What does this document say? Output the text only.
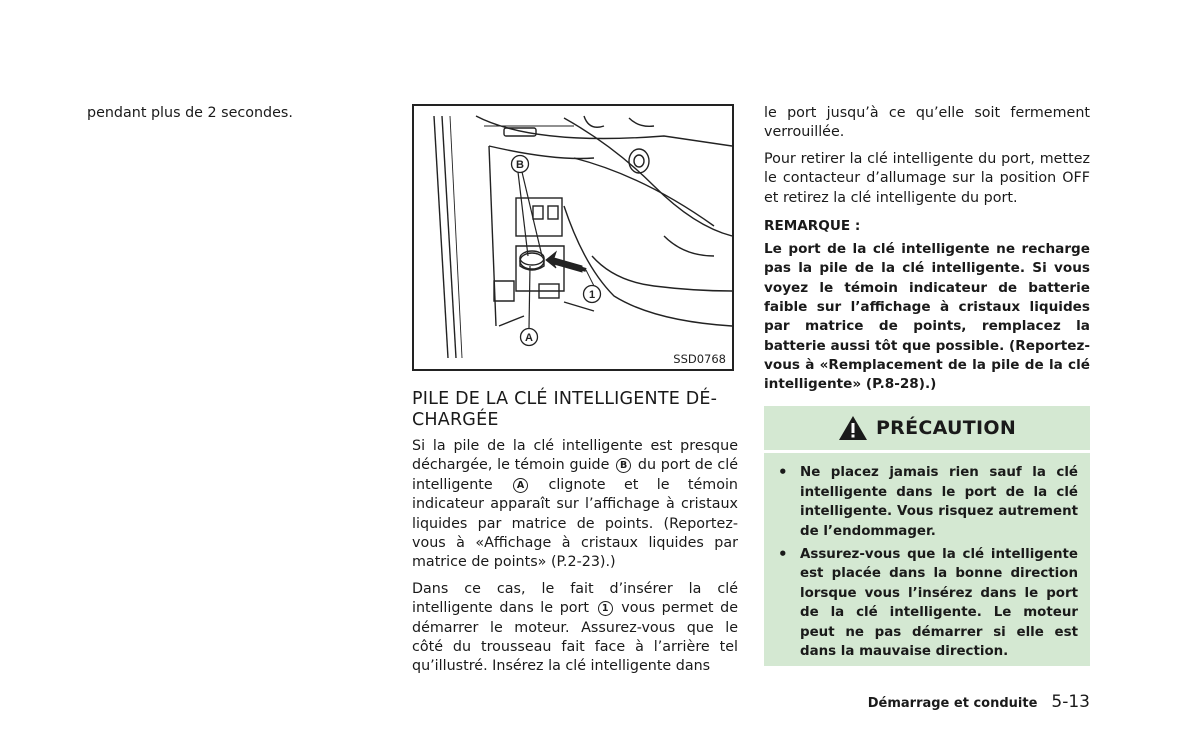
pendant plus de 2 secondes.

B
A
1
SSD0768
PILE DE LA CLÉ INTELLIGENTE DÉ-CHARGÉE

Si la pile de la clé intelligente est presque déchargée, le témoin guide B du port de clé intelligente	A clignote et le témoin indicateur apparaît sur l’affichage à cristaux liquides par matrice de points. (Reportez-vous à «Affichage à cristaux liquides par matrice de points» (P.2-23).)

Dans ce cas, le fait d’insérer la clé intelligente dans le port 1 vous permet de démarrer le moteur. Assurez-vous que le côté du trousseau fait face à l’arrière tel qu’illustré. Insérez la clé intelligente dans

le port jusqu’à ce qu’elle soit fermement verrouillée.

Pour retirer la clé intelligente du port, mettez le contacteur d’allumage sur la position OFF et retirez la clé intelligente du port.

REMARQUE :
Le port de la clé intelligente ne recharge pas la pile de la clé intelligente. Si vous voyez le témoin indicateur de batterie faible sur l’affichage à cristaux liquides par matrice de points, remplacez la batterie aussi tôt que possible. (Reportez-vous à «Remplacement de la pile de la clé intelligente» (P.8-28).)
PRÉCAUTION
• Ne placez jamais rien sauf la clé intelligente dans le port de la clé intelligente. Vous risquez autrement de l’endommager.
• Assurez-vous que la clé intelligente est placée dans la bonne direction lorsque vous l’insérez dans le port de la clé intelligente. Le moteur peut ne pas démarrer si elle est dans la mauvaise direction.
Démarrage et conduite 5-13
